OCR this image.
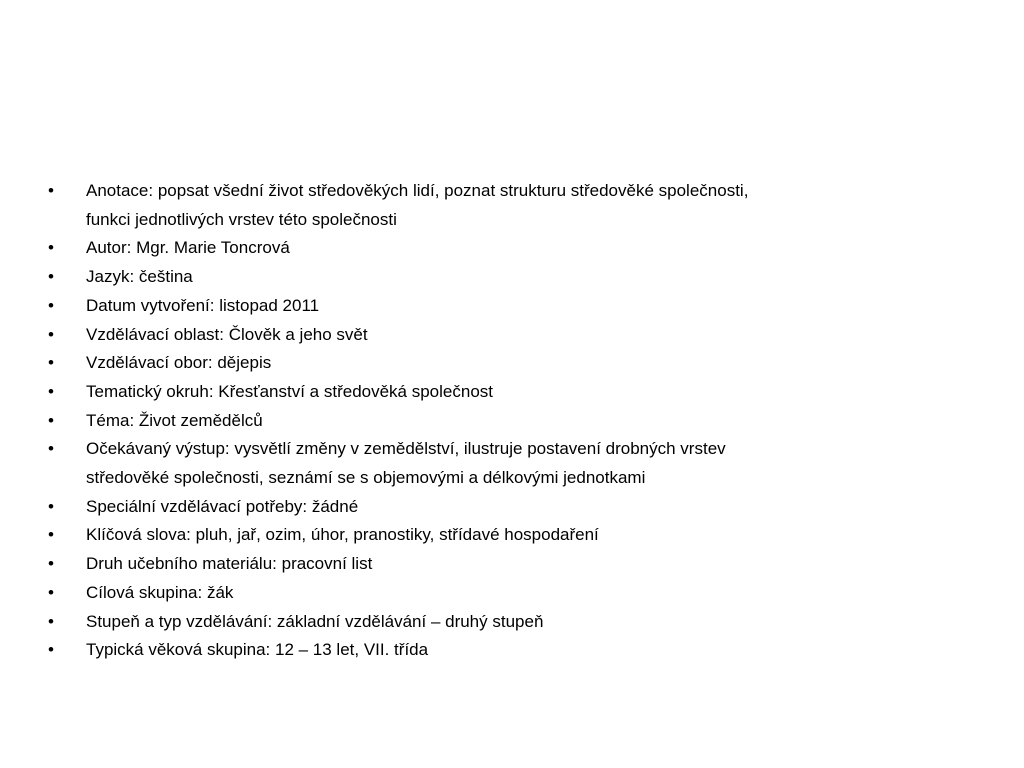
•	Anotace: popsat všední život středověkých lidí, poznat strukturu středověké společnosti,
funkci jednotlivých vrstev této společnosti
•	Autor: Mgr. Marie Toncrová
•	Jazyk: čeština
•	Datum vytvoření: listopad 2011
•	Vzdělávací oblast: Člověk a jeho svět
•	Vzdělávací obor: dějepis
•	Tematický okruh: Křesťanství a středověká společnost
•	Téma: Život zemědělců
•	Očekávaný výstup: vysvětlí změny v zemědělství, ilustruje postavení drobných vrstev
středověké společnosti, seznámí se s objemovými a délkovými jednotkami
•	Speciální vzdělávací potřeby: žádné
•	Klíčová slova: pluh, jař, ozim, úhor, pranostiky, střídavé hospodaření
•	Druh učebního materiálu: pracovní list
•	Cílová skupina: žák
•	Stupeň a typ vzdělávání: základní vzdělávání – druhý stupeň
•	Typická věková skupina: 12 – 13 let, VII. třída
